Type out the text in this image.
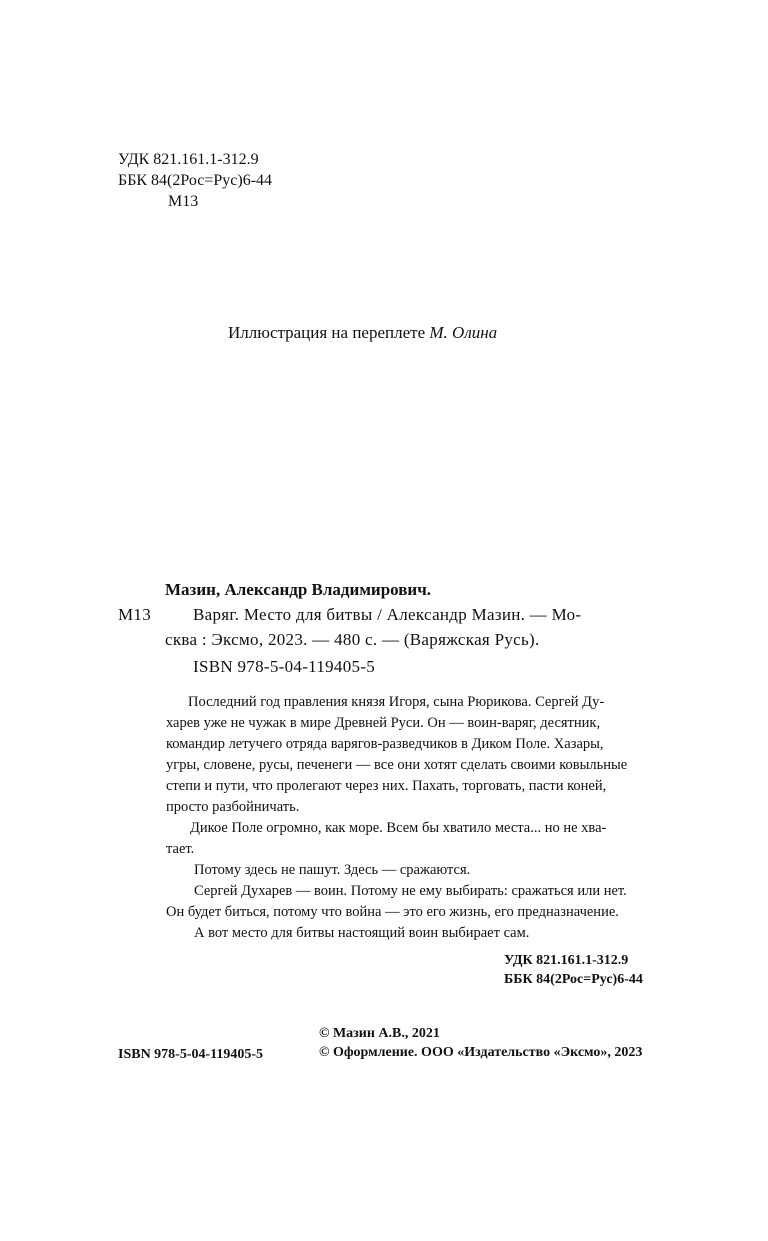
УДК 821.161.1-312.9
ББК 84(2Рос=Рус)6-44
М13
Иллюстрация на переплете М. Олина
Мазин, Александр Владимирович.
М13 Варяг. Место для битвы / Александр Мазин. — Мо-
сква : Эксмо, 2023. — 480 с. — (Варяжская Русь).
ISBN 978-5-04-119405-5
Последний год правления князя Игоря, сына Рюрикова. Сергей Ду-
харев уже не чужак в мире Древней Руси. Он — воин-варяг, десятник,
командир летучего отряда варягов-разведчиков в Диком Поле. Хазары,
угры, словене, русы, печенеги — все они хотят сделать своими ковыльные
степи и пути, что пролегают через них. Пахать, торговать, пасти коней,
просто разбойничать.
Дикое Поле огромно, как море. Всем бы хватило места... но не хва-
тает.
Потому здесь не пашут. Здесь — сражаются.
Сергей Духарев — воин. Потому не ему выбирать: сражаться или нет.
Он будет биться, потому что война — это его жизнь, его предназначение.
А вот место для битвы настоящий воин выбирает сам.
УДК 821.161.1-312.9
ББК 84(2Рос=Рус)6-44
© Мазин А.В., 2021
© Оформление. ООО «Издательство «Эксмо», 2023
ISBN 978-5-04-119405-5
